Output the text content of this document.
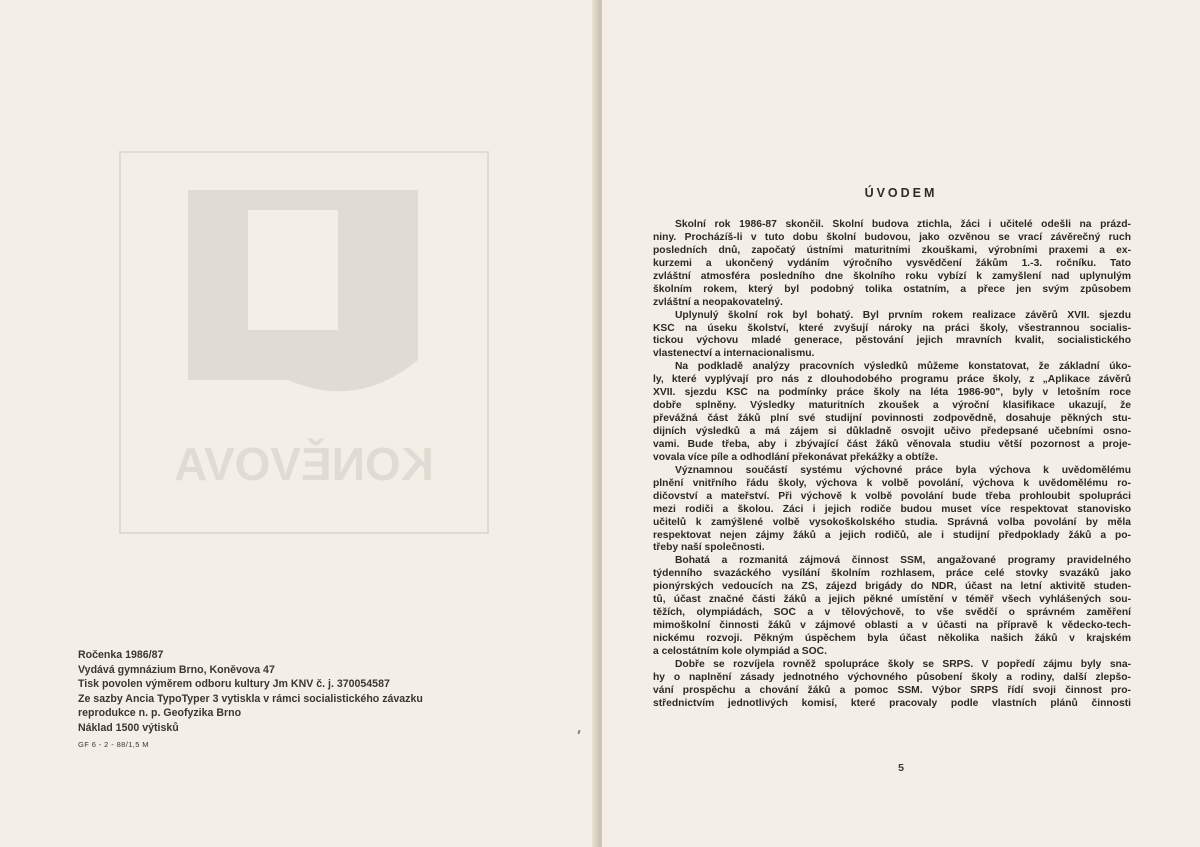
KONĚVOVA
Ročenka 1986/87
Vydává gymnázium Brno, Koněvova 47
Tisk povolen výměrem odboru kultury Jm KNV č. j. 370054587
Ze sazby Ancia TypoTyper 3 vytiskla v rámci socialistického závazku
reprodukce n. p. Geofyzika Brno
Náklad 1500 výtisků
GF 6 - 2 - 88/1,5 M
ÚVODEM
Školní rok 1986-87 skončil. Školní budova ztichla, žáci i učitelé odešli na prázd-
niny. Procházíš-li v tuto dobu školní budovou, jako ozvěnou se vrací závěrečný ruch
posledních dnů, započatý ústními maturitními zkouškami, výrobními praxemi a ex-
kurzemi a ukončený vydáním výročního vysvědčení žákům 1.-3. ročníku. Tato
zvláštní atmosféra posledního dne školního roku vybízí k zamyšlení nad uplynulým
školním rokem, který byl podobný tolika ostatním, a přece jen svým způsobem
zvláštní a neopakovatelný.
Uplynulý školní rok byl bohatý. Byl prvním rokem realizace závěrů XVII. sjezdu
KSČ na úseku školství, které zvyšují nároky na práci školy, všestrannou socialis-
tickou výchovu mladé generace, pěstování jejich mravních kvalit, socialistického
vlastenectví a internacionalismu.
Na podkladě analýzy pracovních výsledků můžeme konstatovat, že základní úko-
ly, které vyplývají pro nás z dlouhodobého programu práce školy, z „Aplikace závěrů
XVII. sjezdu KSČ na podmínky práce školy na léta 1986-90", byly v letošním roce
dobře splněny. Výsledky maturitních zkoušek a výroční klasifikace ukazují, že
převážná část žáků plní své studijní povinnosti zodpovědně, dosahuje pěkných stu-
dijních výsledků a má zájem si důkladně osvojit učivo předepsané učebními osno-
vami. Bude třeba, aby i zbývající část žáků věnovala studiu větší pozornost a proje-
vovala více píle a odhodlání překonávat překážky a obtíže.
Významnou součástí systému výchovné práce byla výchova k uvědomělému
plnění vnitřního řádu školy, výchova k volbě povolání, výchova k uvědomělému ro-
dičovství a mateřství. Při výchově k volbě povolání bude třeba prohloubit spolupráci
mezi rodiči a školou. Žáci i jejich rodiče budou muset více respektovat stanovisko
učitelů k zamýšlené volbě vysokoškolského studia. Správná volba povolání by měla
respektovat nejen zájmy žáků a jejich rodičů, ale i studijní předpoklady žáků a po-
třeby naší společnosti.
Bohatá a rozmanitá zájmová činnost SSM, angažované programy pravidelného
týdenního svazáckého vysílání školním rozhlasem, práce celé stovky svazáků jako
pionýrských vedoucích na ZŠ, zájezd brigády do NDR, účast na letní aktivitě studen-
tů, účast značné části žáků a jejich pěkné umístění v téměř všech vyhlášených sou-
těžích, olympiádách, SOČ a v tělovýchově, to vše svědčí o správném zaměření
mimoškolní činnosti žáků v zájmové oblasti a v účasti na přípravě k vědecko-tech-
nickému rozvoji. Pěkným úspěchem byla účast několika našich žáků v krajském
a celostátním kole olympiád a SOČ.
Dobře se rozvíjela rovněž spolupráce školy se SRPŠ. V popředí zájmu byly sna-
hy o naplnění zásady jednotného výchovného působení školy a rodiny, další zlepšo-
vání prospěchu a chování žáků a pomoc SSM. Výbor SRPŠ řídí svoji činnost pro-
střednictvím jednotlivých komisí, které pracovaly podle vlastních plánů činnosti
5
